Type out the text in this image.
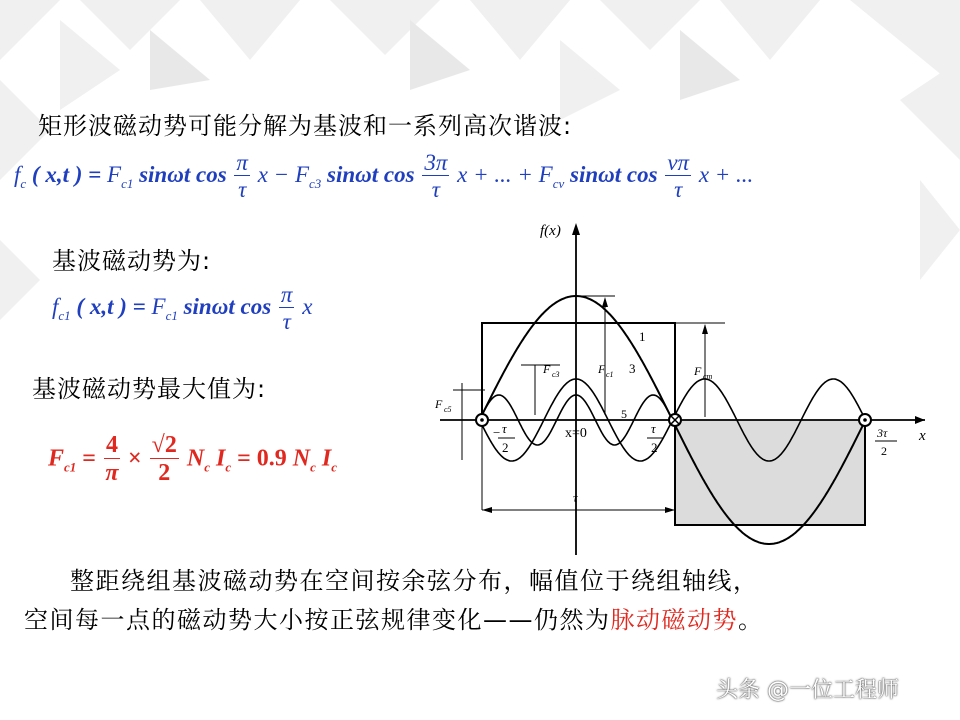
矩形波磁动势可能分解为基波和一系列高次谐波:
$f_c$ ( x,t ) = $F_{c1}$ sinωt $\cos \frac{\pi}{\tau}$ $x - F_{c3}$ sinωt $\cos \frac{3\pi}{\tau}$ x + ... + $F_{c\nu}$ sinωt $\cos \frac{\nu\pi}{\tau}$ x + ...
基波磁动势为:
$f_{c1}$ ( x,t ) = $F_{c1}$ sinωt $\cos \frac{\pi}{\tau}$ x
基波磁动势最大值为:
$F_{c1} = \frac{4}{\pi} \times \frac{√2}{2} N_c$ $I_c = 0.9$ $N_c$ $I_c$
f(x)
x
x=0
− τ
2
τ
2
3τ
2
τ
F c3	F c1
F c5
F cm
1
3
5
整距绕组基波磁动势在空间按余弦分布，幅值位于绕组轴线，
空间每一点的磁动势大小按正弦规律变化——仍然为脉动磁动势。
头条 @一位工程师
